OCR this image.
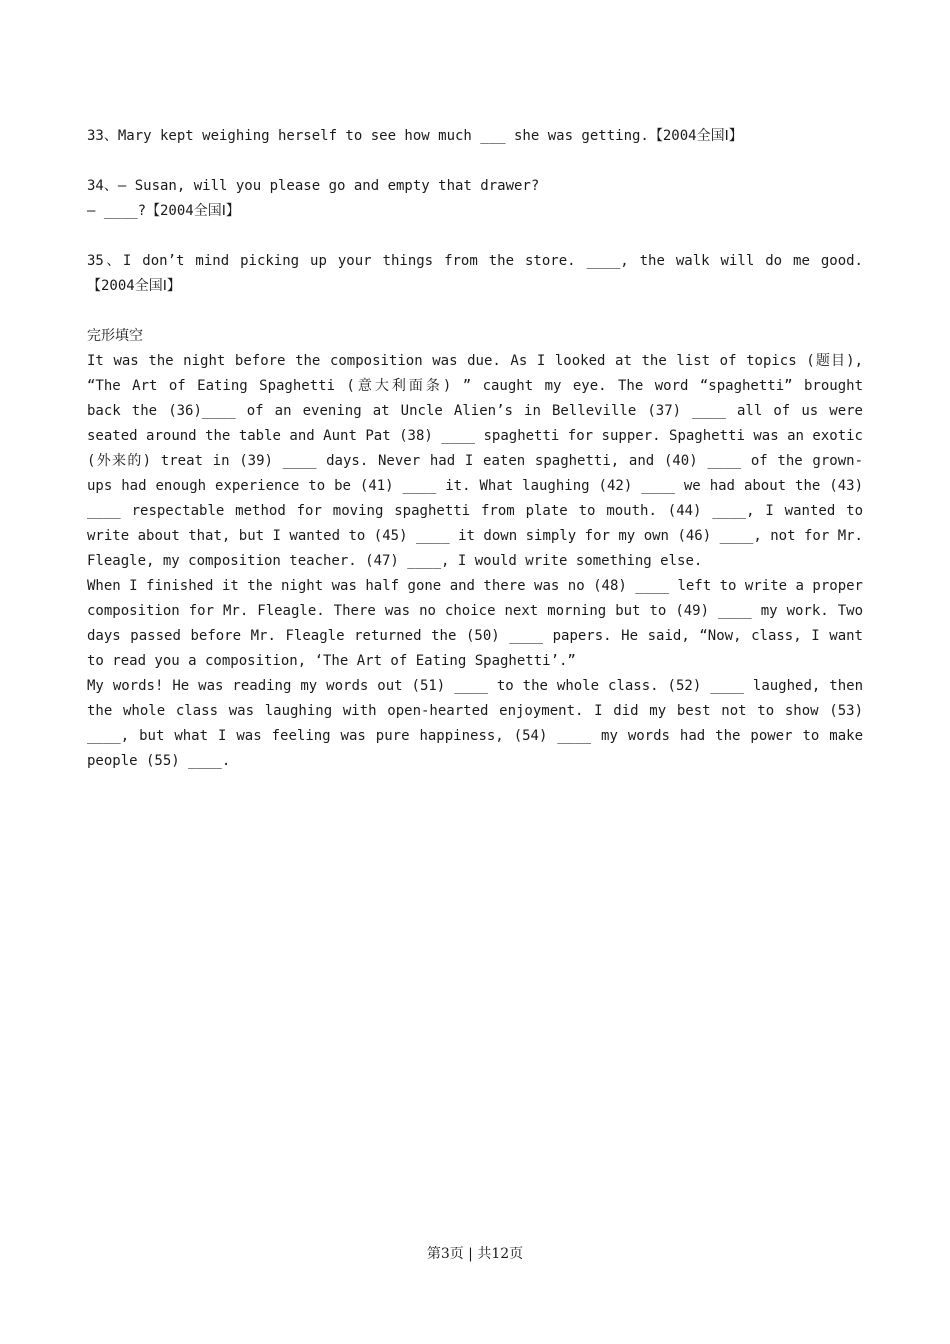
33、Mary kept weighing herself to see how much ___ she was getting.【2004全国Ⅰ】

34、— Susan, will you please go and empty that drawer?
— ____?【2004全国Ⅰ】

35、I don’t mind picking up your things from the store. ____, the walk will do me good.
【2004全国Ⅰ】

完形填空
It was the night before the composition was due. As I looked at the list of topics (题目),
“The Art of Eating Spaghetti (意大利面条) ” caught my eye. The word “spaghetti” brought
back the (36)____ of an evening at Uncle Alien’s in Belleville (37) ____ all of us were
seated around the table and Aunt Pat (38) ____ spaghetti for supper. Spaghetti was an exotic
(外来的) treat in (39) ____ days. Never had I eaten spaghetti, and (40) ____ of the grown-
ups had enough experience to be (41) ____ it. What laughing (42) ____ we had about the (43)
____ respectable method for moving spaghetti from plate to mouth. (44) ____, I wanted to
write about that, but I wanted to (45) ____ it down simply for my own (46) ____, not for Mr.
Fleagle, my composition teacher. (47) ____, I would write something else.
When I finished it the night was half gone and there was no (48) ____ left to write a proper
composition for Mr. Fleagle. There was no choice next morning but to (49) ____ my work. Two
days passed before Mr. Fleagle returned the (50) ____ papers. He said, “Now, class, I want
to read you a composition, ‘The Art of Eating Spaghetti’.”
My words! He was reading my words out (51) ____ to the whole class. (52) ____ laughed, then
the whole class was laughing with open-hearted enjoyment. I did my best not to show (53)
____, but what I was feeling was pure happiness, (54) ____ my words had the power to make
people (55) ____.

第3页 | 共12页
